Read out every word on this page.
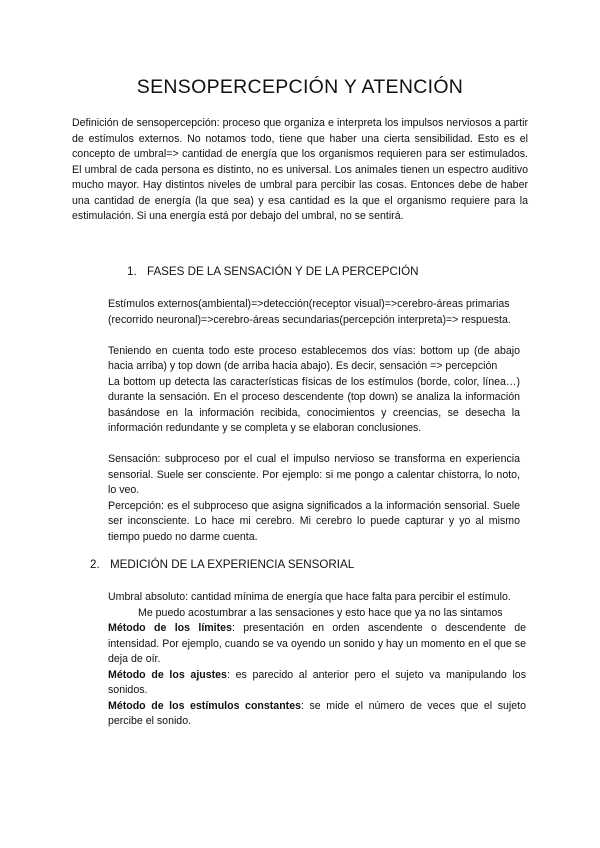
SENSOPERCEPCIÓN Y ATENCIÓN

Definición de sensopercepción: proceso que organiza e interpreta los impulsos nerviosos a partir de estímulos externos. No notamos todo, tiene que haber una cierta sensibilidad. Esto es el concepto de umbral=> cantidad de energía que los organismos requieren para ser estimulados. El umbral de cada persona es distinto, no es universal. Los animales tienen un espectro auditivo mucho mayor. Hay distintos niveles de umbral para percibir las cosas. Entonces debe de haber una cantidad de energía (la que sea) y esa cantidad es la que el organismo requiere para la estimulación. Si una energía está por debajo del umbral, no se sentirá.

1. FASES DE LA SENSACIÓN Y DE LA PERCEPCIÓN

Estímulos externos(ambiental)=>detección(receptor visual)=>cerebro-áreas primarias (recorrido neuronal)=>cerebro-áreas secundarias(percepción interpreta)=> respuesta.

Teniendo en cuenta todo este proceso establecemos dos vías: bottom up (de abajo hacia arriba) y top down (de arriba hacia abajo). Es decir, sensación => percepción

La bottom up detecta las características físicas de los estímulos (borde, color, línea…) durante la sensación. En el proceso descendente (top down) se analiza la información basándose en la información recibida, conocimientos y creencias, se desecha la información redundante y se completa y se elaboran conclusiones.

Sensación: subproceso por el cual el impulso nervioso se transforma en experiencia sensorial. Suele ser consciente. Por ejemplo: si me pongo a calentar chistorra, lo noto, lo veo.

Percepción: es el subproceso que asigna significados a la información sensorial. Suele ser inconsciente. Lo hace mi cerebro. Mi cerebro lo puede capturar y yo al mismo tiempo puedo no darme cuenta.

2. MEDICIÓN DE LA EXPERIENCIA SENSORIAL

Umbral absoluto: cantidad mínima de energía que hace falta para percibir el estímulo.

Me puedo acostumbrar a las sensaciones y esto hace que ya no las sintamos

Método de los límites: presentación en orden ascendente o descendente de intensidad. Por ejemplo, cuando se va oyendo un sonido y hay un momento en el que se deja de oír.

Método de los ajustes: es parecido al anterior pero el sujeto va manipulando los sonidos.

Método de los estímulos constantes: se mide el número de veces que el sujeto percibe el sonido.
